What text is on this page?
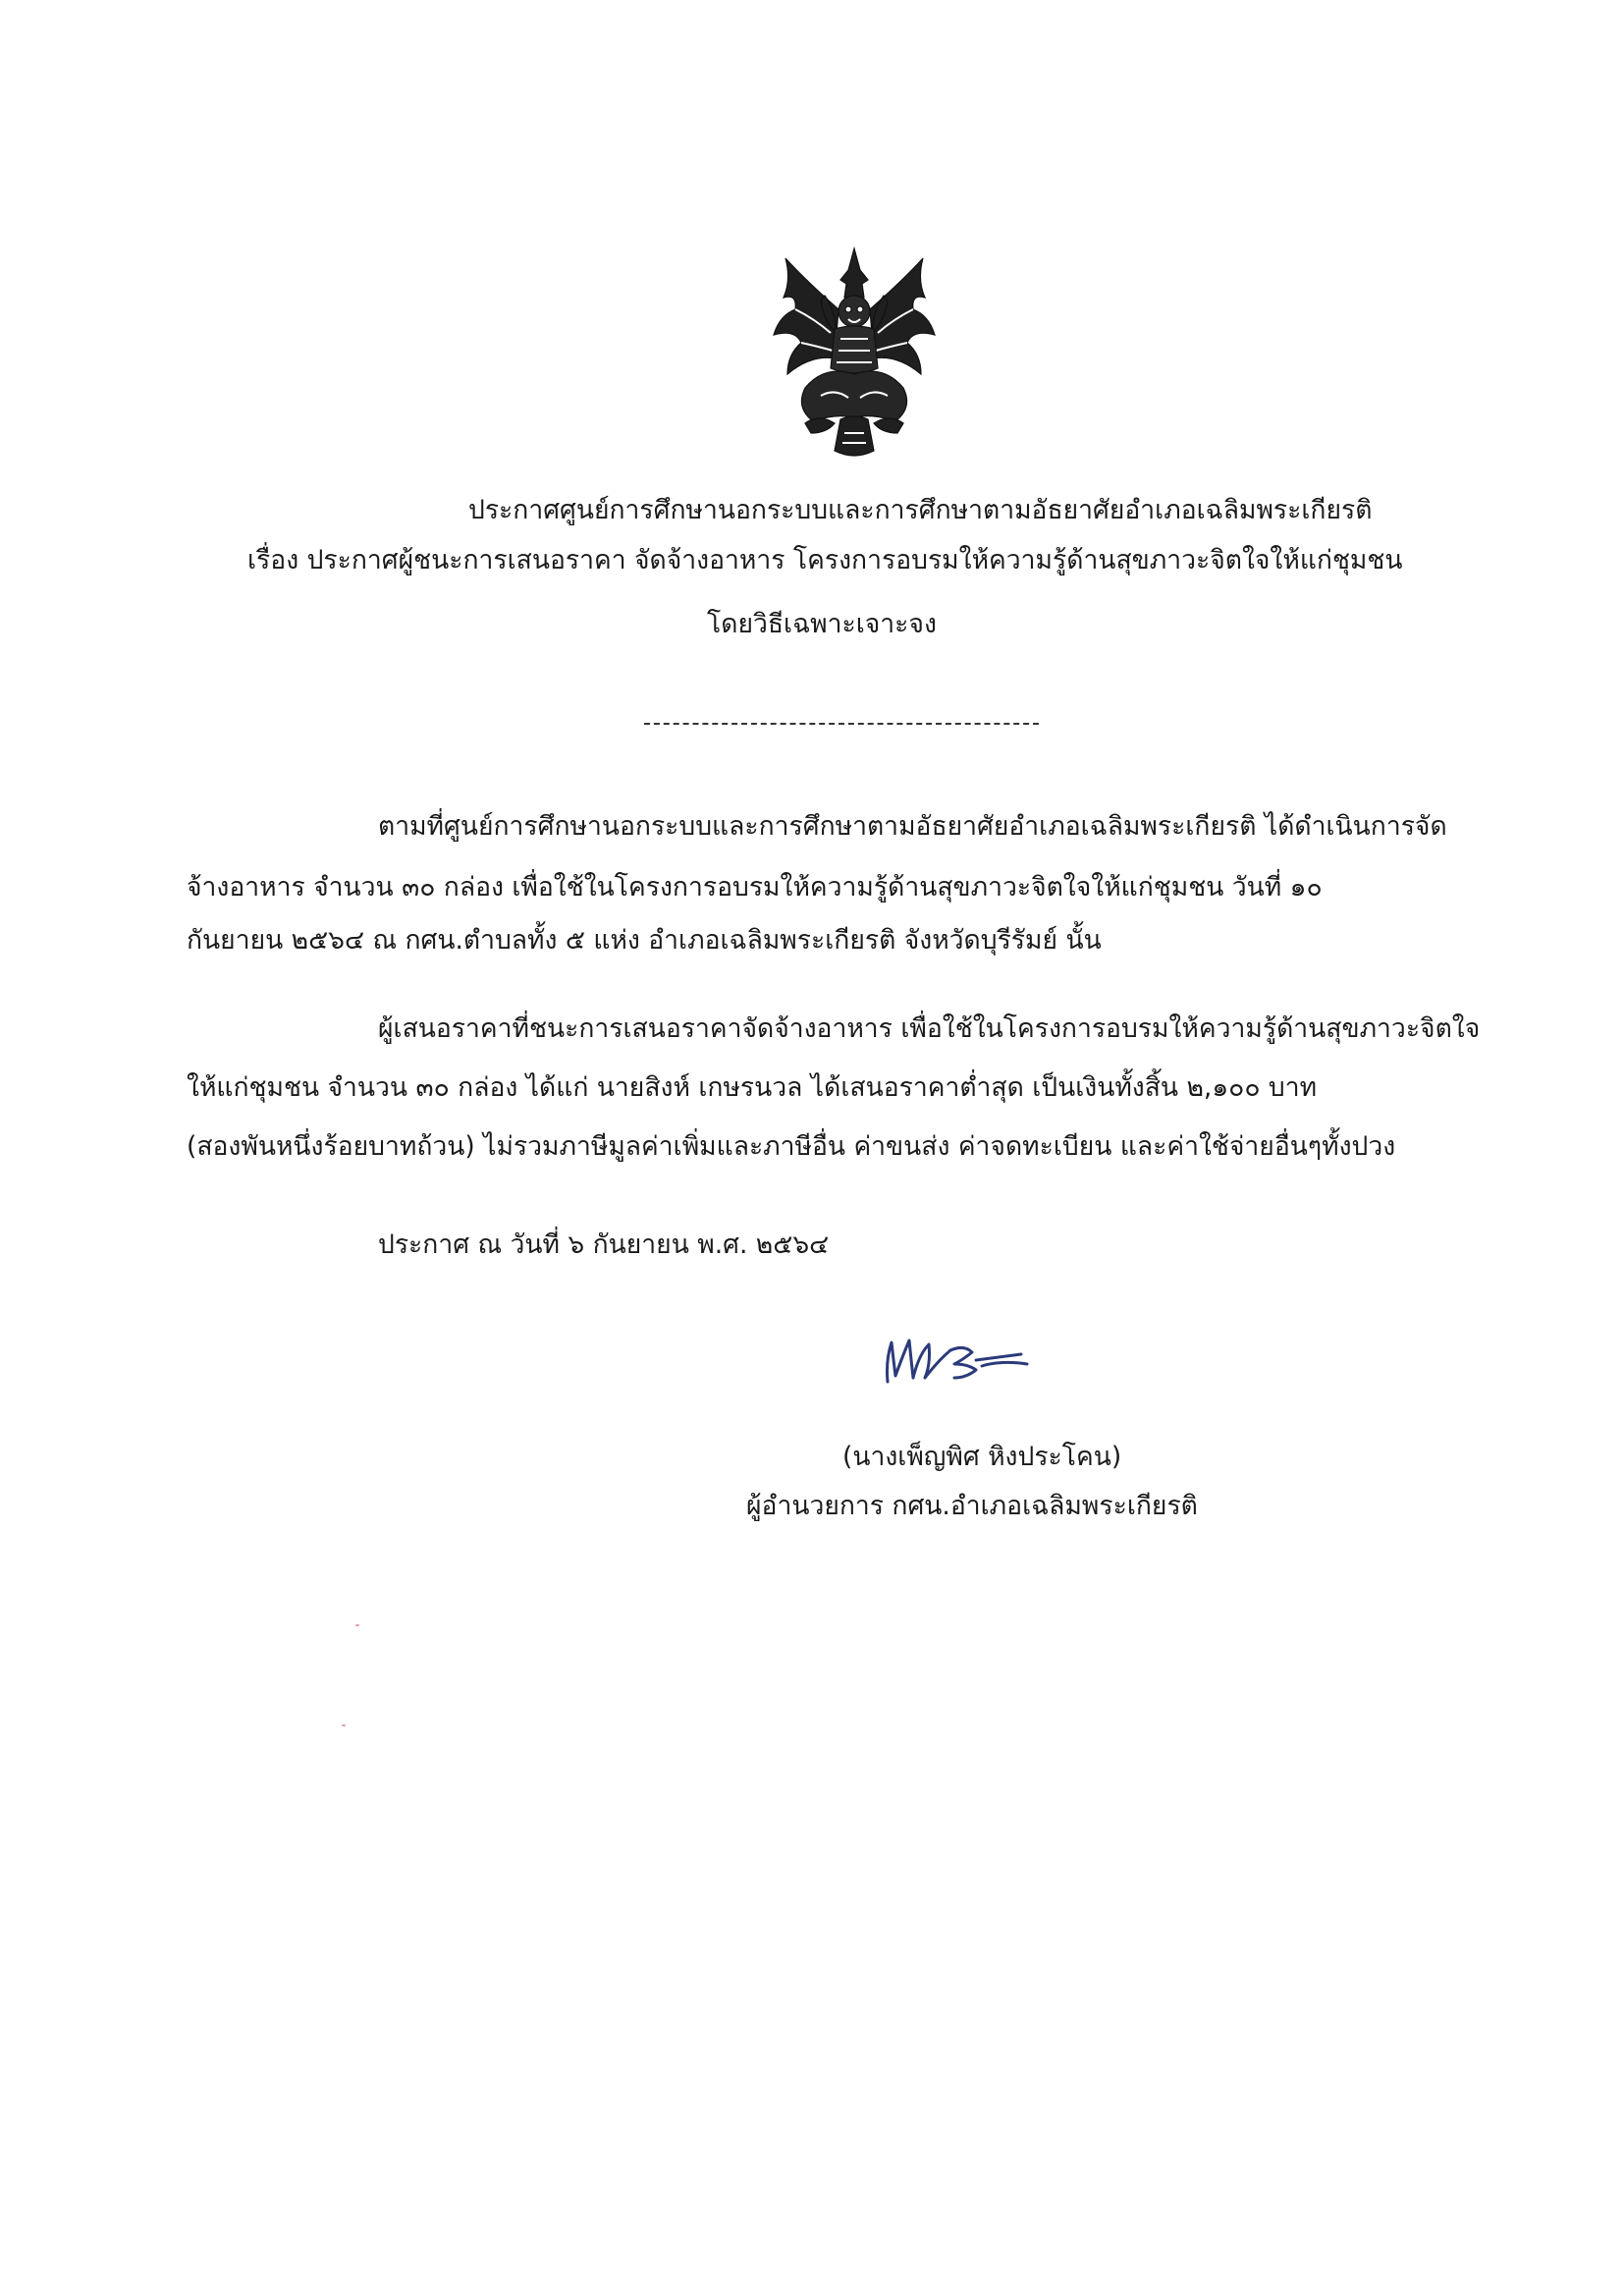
ประกาศศูนย์การศึกษานอกระบบและการศึกษาตามอัธยาศัยอำเภอเฉลิมพระเกียรติ
เรื่อง ประกาศผู้ชนะการเสนอราคา จัดจ้างอาหาร โครงการอบรมให้ความรู้ด้านสุขภาวะจิตใจให้แก่ชุมชน
โดยวิธีเฉพาะเจาะจง
ตามที่ศูนย์การศึกษานอกระบบและการศึกษาตามอัธยาศัยอำเภอเฉลิมพระเกียรติ ได้ดำเนินการจัด
จ้างอาหาร จำนวน ๓๐ กล่อง เพื่อใช้ในโครงการอบรมให้ความรู้ด้านสุขภาวะจิตใจให้แก่ชุมชน วันที่ ๑๐
กันยายน ๒๕๖๔ ณ กศน.ตำบลทั้ง ๕ แห่ง อำเภอเฉลิมพระเกียรติ จังหวัดบุรีรัมย์ นั้น
ผู้เสนอราคาที่ชนะการเสนอราคาจัดจ้างอาหาร เพื่อใช้ในโครงการอบรมให้ความรู้ด้านสุขภาวะจิตใจ
ให้แก่ชุมชน จำนวน ๓๐ กล่อง ได้แก่ นายสิงห์ เกษรนวล ได้เสนอราคาต่ำสุด เป็นเงินทั้งสิ้น ๒,๑๐๐ บาท
(สองพันหนึ่งร้อยบาทถ้วน) ไม่รวมภาษีมูลค่าเพิ่มและภาษีอื่น ค่าขนส่ง ค่าจดทะเบียน และค่าใช้จ่ายอื่นๆทั้งปวง
ประกาศ ณ วันที่ ๖ กันยายน พ.ศ. ๒๕๖๔
(นางเพ็ญพิศ หิงประโคน)
ผู้อำนวยการ กศน.อำเภอเฉลิมพระเกียรติ
